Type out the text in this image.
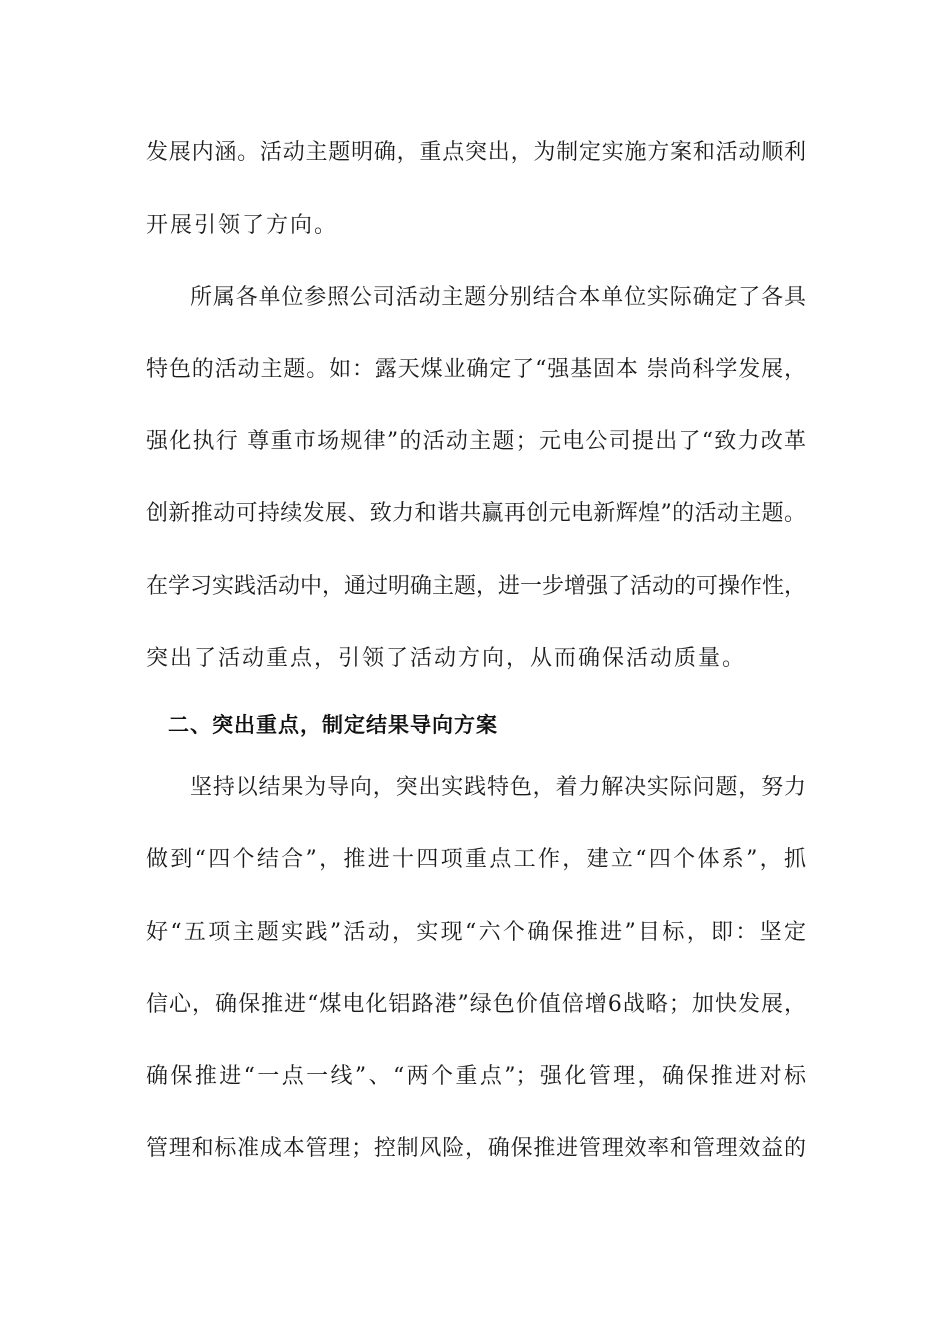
发展内涵。活动主题明确，重点突出，为制定实施方案和活动顺利
开展引领了方向。
所属各单位参照公司活动主题分别结合本单位实际确定了各具
特色的活动主题。如：露天煤业确定了“强基固本 崇尚科学发展，
强化执行 尊重市场规律”的活动主题；元电公司提出了“致力改革
创新推动可持续发展、致力和谐共赢再创元电新辉煌”的活动主题。
在学习实践活动中，通过明确主题，进一步增强了活动的可操作性，
突出了活动重点，引领了活动方向，从而确保活动质量。
二、突出重点，制定结果导向方案
坚持以结果为导向，突出实践特色，着力解决实际问题，努力
做到“四个结合”，推进十四项重点工作，建立“四个体系”，抓
好“五项主题实践”活动，实现“六个确保推进”目标，即：坚定
信心，确保推进“煤电化铝路港”绿色价值倍增6战略；加快发展，
确保推进“一点一线”、“两个重点”；强化管理，确保推进对标
管理和标准成本管理；控制风险，确保推进管理效率和管理效益的
